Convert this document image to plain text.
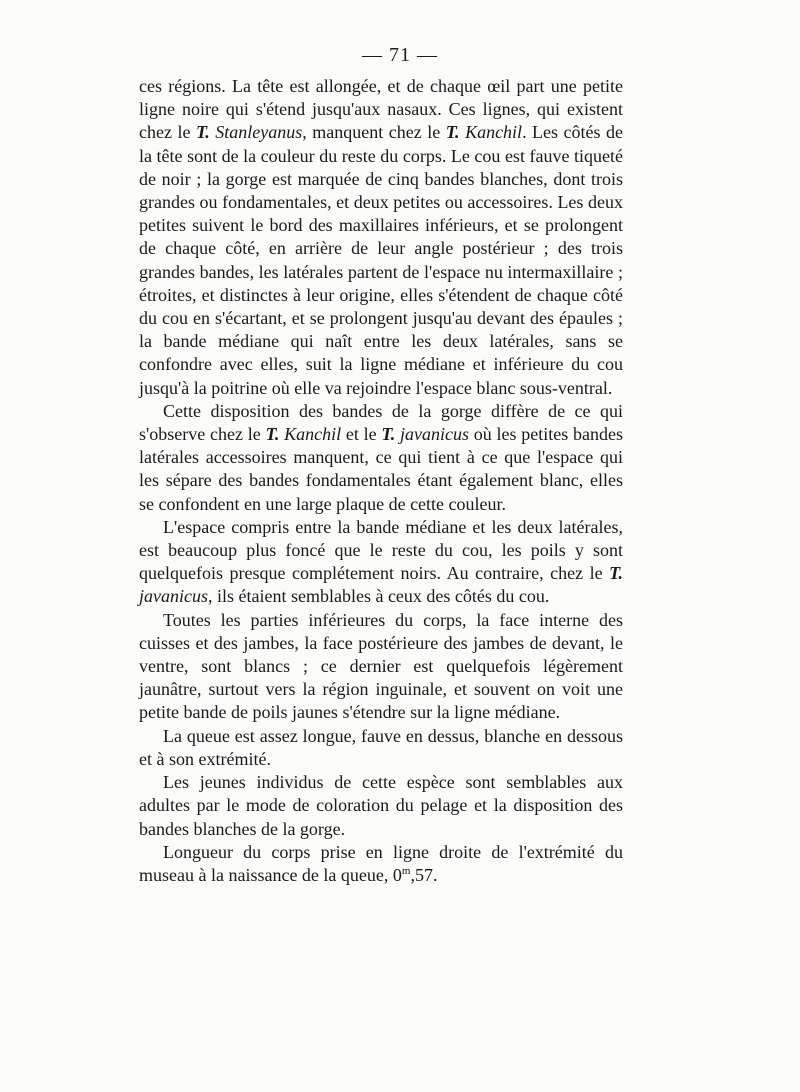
— 71 —

ces régions. La tête est allongée, et de chaque œil part une petite ligne noire qui s'étend jusqu'aux nasaux. Ces lignes, qui existent chez le T. Stanleyanus, manquent chez le T. Kanchil. Les côtés de la tête sont de la couleur du reste du corps. Le cou est fauve tiqueté de noir ; la gorge est marquée de cinq bandes blanches, dont trois grandes ou fondamentales, et deux petites ou accessoires. Les deux petites suivent le bord des maxillaires inférieurs, et se prolongent de chaque côté, en arrière de leur angle postérieur ; des trois grandes bandes, les latérales partent de l'espace nu intermaxillaire ; étroites, et distinctes à leur origine, elles s'étendent de chaque côté du cou en s'écartant, et se prolongent jusqu'au devant des épaules ; la bande médiane qui naît entre les deux latérales, sans se confondre avec elles, suit la ligne médiane et inférieure du cou jusqu'à la poitrine où elle va rejoindre l'espace blanc sous-ventral.

Cette disposition des bandes de la gorge diffère de ce qui s'observe chez le T. Kanchil et le T. javanicus où les petites bandes latérales accessoires manquent, ce qui tient à ce que l'espace qui les sépare des bandes fondamentales étant également blanc, elles se confondent en une large plaque de cette couleur.

L'espace compris entre la bande médiane et les deux latérales, est beaucoup plus foncé que le reste du cou, les poils y sont quelquefois presque complétement noirs. Au contraire, chez le T. javanicus, ils étaient semblables à ceux des côtés du cou.

Toutes les parties inférieures du corps, la face interne des cuisses et des jambes, la face postérieure des jambes de devant, le ventre, sont blancs ; ce dernier est quelquefois légèrement jaunâtre, surtout vers la région inguinale, et souvent on voit une petite bande de poils jaunes s'étendre sur la ligne médiane.

La queue est assez longue, fauve en dessus, blanche en dessous et à son extrémité.

Les jeunes individus de cette espèce sont semblables aux adultes par le mode de coloration du pelage et la disposition des bandes blanches de la gorge.

Longueur du corps prise en ligne droite de l'extrémité du museau à la naissance de la queue, 0$^m$,57.
